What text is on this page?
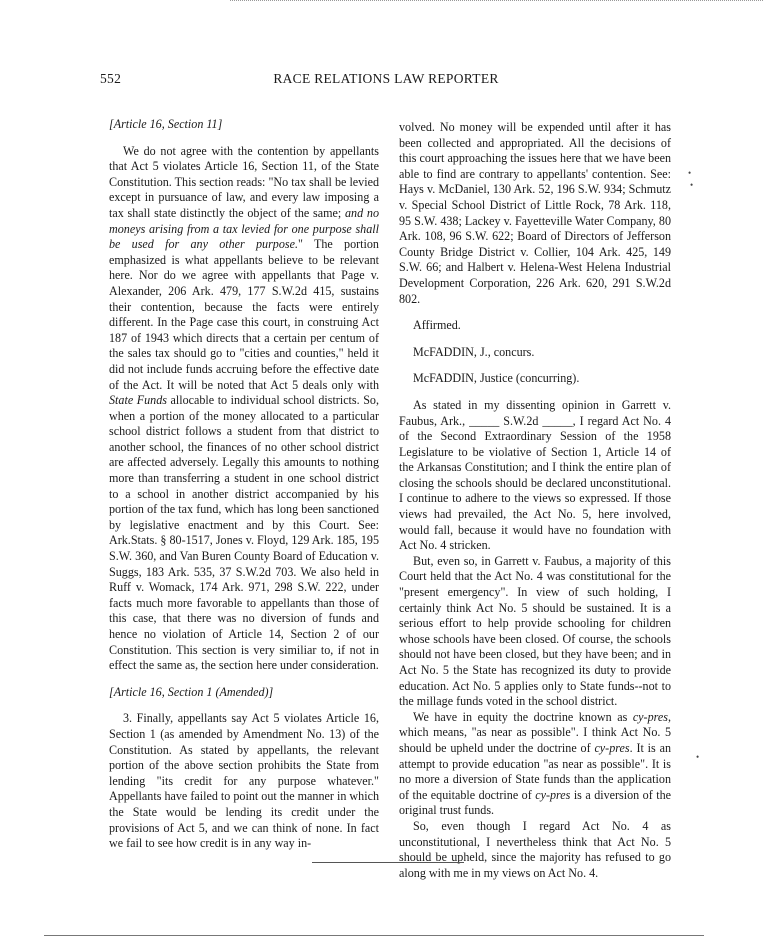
552	RACE RELATIONS LAW REPORTER

[Article 16, Section 11]

We do not agree with the contention by appellants that Act 5 violates Article 16, Section 11, of the State Constitution. This section reads: "No tax shall be levied except in pursuance of law, and every law imposing a tax shall state distinctly the object of the same; and no moneys arising from a tax levied for one purpose shall be used for any other purpose." The portion emphasized is what appellants believe to be relevant here. Nor do we agree with appellants that Page v. Alexander, 206 Ark. 479, 177 S.W.2d 415, sustains their contention, because the facts were entirely different. In the Page case this court, in construing Act 187 of 1943 which directs that a certain per centum of the sales tax should go to "cities and counties," held it did not include funds accruing before the effective date of the Act. It will be noted that Act 5 deals only with State Funds allocable to individual school districts. So, when a portion of the money allocated to a particular school district follows a student from that district to another school, the finances of no other school district are affected adversely. Legally this amounts to nothing more than transferring a student in one school district to a school in another district accompanied by his portion of the tax fund, which has long been sanctioned by legislative enactment and by this Court. See: Ark.Stats. § 80-1517, Jones v. Floyd, 129 Ark. 185, 195 S.W. 360, and Van Buren County Board of Education v. Suggs, 183 Ark. 535, 37 S.W.2d 703. We also held in Ruff v. Womack, 174 Ark. 971, 298 S.W. 222, under facts much more favorable to appellants than those of this case, that there was no diversion of funds and hence no violation of Article 14, Section 2 of our Constitution. This section is very similiar to, if not in effect the same as, the section here under consideration.

[Article 16, Section 1 (Amended)]

3. Finally, appellants say Act 5 violates Article 16, Section 1 (as amended by Amendment No. 13) of the Constitution. As stated by appellants, the relevant portion of the above section prohibits the State from lending "its credit for any purpose whatever." Appellants have failed to point out the manner in which the State would be lending its credit under the provisions of Act 5, and we can think of none. In fact we fail to see how credit is in any way in-

volved. No money will be expended until after it has been collected and appropriated. All the decisions of this court approaching the issues here that we have been able to find are contrary to appellants' contention. See: Hays v. McDaniel, 130 Ark. 52, 196 S.W. 934; Schmutz v. Special School District of Little Rock, 78 Ark. 118, 95 S.W. 438; Lackey v. Fayetteville Water Company, 80 Ark. 108, 96 S.W. 622; Board of Directors of Jefferson County Bridge District v. Collier, 104 Ark. 425, 149 S.W. 66; and Halbert v. Helena-West Helena Industrial Development Corporation, 226 Ark. 620, 291 S.W.2d 802.

Affirmed.

McFADDIN, J., concurs.

McFADDIN, Justice (concurring).

As stated in my dissenting opinion in Garrett v. Faubus, Ark., _____ S.W.2d _____, I regard Act No. 4 of the Second Extraordinary Session of the 1958 Legislature to be violative of Section 1, Article 14 of the Arkansas Constitution; and I think the entire plan of closing the schools should be declared unconstitutional. I continue to adhere to the views so expressed. If those views had prevailed, the Act No. 5, here involved, would fall, because it would have no foundation with Act No. 4 stricken.

But, even so, in Garrett v. Faubus, a majority of this Court held that the Act No. 4 was constitutional for the "present emergency". In view of such holding, I certainly think Act No. 5 should be sustained. It is a serious effort to help provide schooling for children whose schools have been closed. Of course, the schools should not have been closed, but they have been; and in Act No. 5 the State has recognized its duty to provide education. Act No. 5 applies only to State funds--not to the millage funds voted in the school district.

We have in equity the doctrine known as cy-pres, which means, "as near as possible". I think Act No. 5 should be upheld under the doctrine of cy-pres. It is an attempt to provide education "as near as possible". It is no more a diversion of State funds than the application of the equitable doctrine of cy-pres is a diversion of the original trust funds.

So, even though I regard Act No. 4 as unconstitutional, I nevertheless think that Act No. 5 should be upheld, since the majority has refused to go along with me in my views on Act No. 4.

•
•
•
